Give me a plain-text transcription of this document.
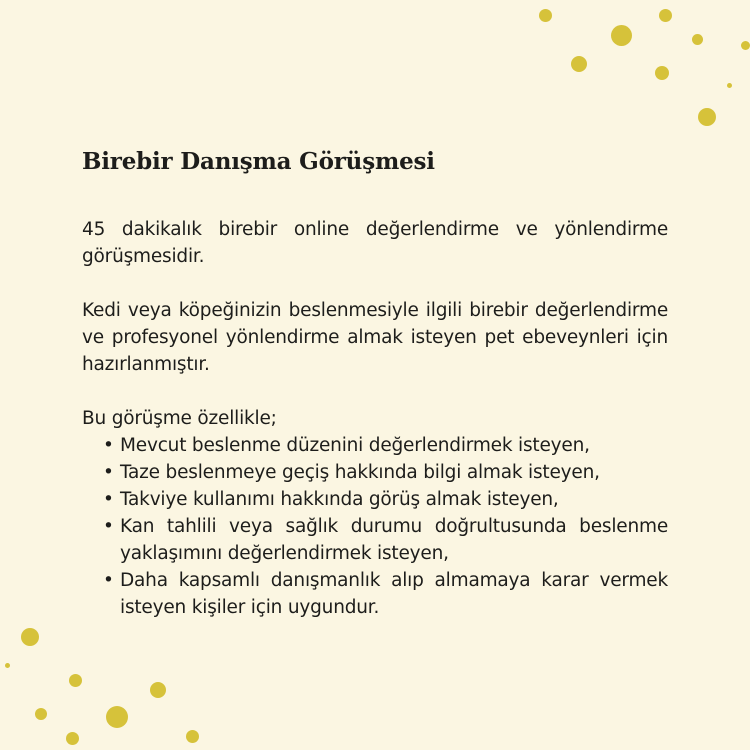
Birebir Danışma Görüşmesi

45 dakikalık birebir online değerlendirme ve yönlendirme görüşmesidir.

Kedi veya köpeğinizin beslenmesiyle ilgili birebir değerlendirme ve profesyonel yönlendirme almak isteyen pet ebeveynleri için hazırlanmıştır.

Bu görüşme özellikle;

• Mevcut beslenme düzenini değerlendirmek isteyen,
• Taze beslenmeye geçiş hakkında bilgi almak isteyen,
• Takviye kullanımı hakkında görüş almak isteyen,
• Kan tahlili veya sağlık durumu doğrultusunda beslenme yaklaşımını değerlendirmek isteyen,
• Daha kapsamlı danışmanlık alıp almamaya karar vermek isteyen kişiler için uygundur.
